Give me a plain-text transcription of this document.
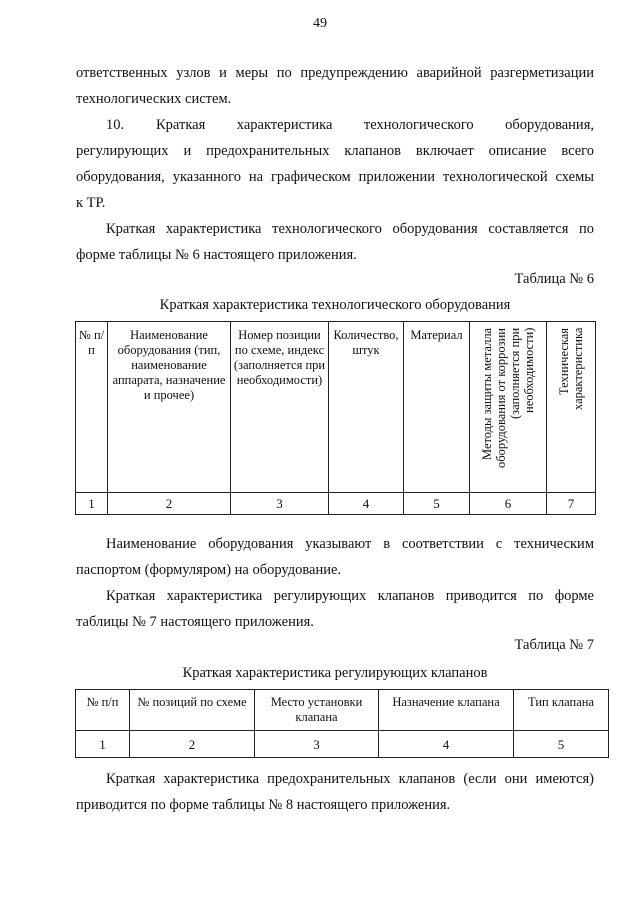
49
ответственных узлов и меры по предупреждению аварийной разгерметизации
технологических систем.
10. Краткая характеристика технологического оборудования,
регулирующих и предохранительных клапанов включает описание всего
оборудования, указанного на графическом приложении технологической схемы
к ТР.
Краткая характеристика технологического оборудования составляется по
форме таблицы № 6 настоящего приложения.
Таблица № 6
Краткая характеристика технологического оборудования
№ п/п	Наименование оборудования (тип, наименование аппарата, назначение и прочее)	Номер позиции по схеме, индекс (заполняется при необходимости)	Количество, штук	Материал	Методы защиты металла оборудования от коррозии (заполняется при необходимости)	Техническая характеристика
1	2	3	4	5	6	7
Наименование оборудования указывают в соответствии с техническим
паспортом (формуляром) на оборудование.
Краткая характеристика регулирующих клапанов приводится по форме
таблицы № 7 настоящего приложения.
Таблица № 7
Краткая характеристика регулирующих клапанов
№ п/п	№ позиций по схеме	Место установки клапана	Назначение клапана	Тип клапана
1	2	3	4	5
Краткая характеристика предохранительных клапанов (если они имеются)
приводится по форме таблицы № 8 настоящего приложения.
